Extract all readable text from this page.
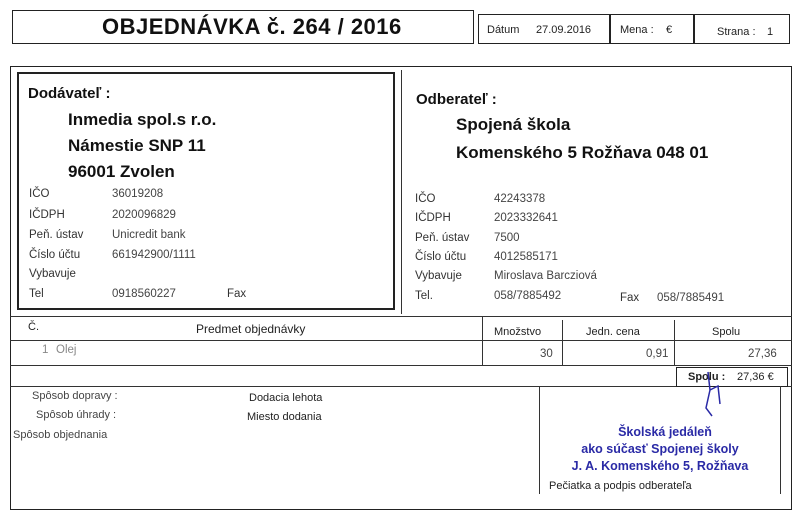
OBJEDNÁVKA č. 264 / 2016	Dátum 27.09.2016	Mena : €	Strana : 1
Dodávateľ :
Inmedia spol.s r.o.
Námestie SNP 11
96001 Zvolen
IČO	36019208
IČDPH	2020096829
Peň. ústav Unicredit bank
Číslo účtu	661942900/1111
Vybavuje
Tel	0918560227	Fax
Odberateľ :
Spojená škola
Komenského 5 Rožňava 048 01
IČO	42243378
IČDPH	2023332641
Peň. ústav 7500
Číslo účtu 4012585171
Vybavuje	Miroslava Barcziová
Tel.	058/7885492	Fax 058/7885491
Č.	Predmet objednávky	Množstvo	Jedn. cena	Spolu
1 Olej	30	0,91	27,36
Spolu : 27,36 €
Spôsob dopravy :
Spôsob úhrady :
Spôsob objednania
Dodacia lehota
Miesto dodania
Školská jedáleň
ako súčasť Spojenej školy
J. A. Komenského 5, Rožňava
Pečiatka a podpis odberateľa
